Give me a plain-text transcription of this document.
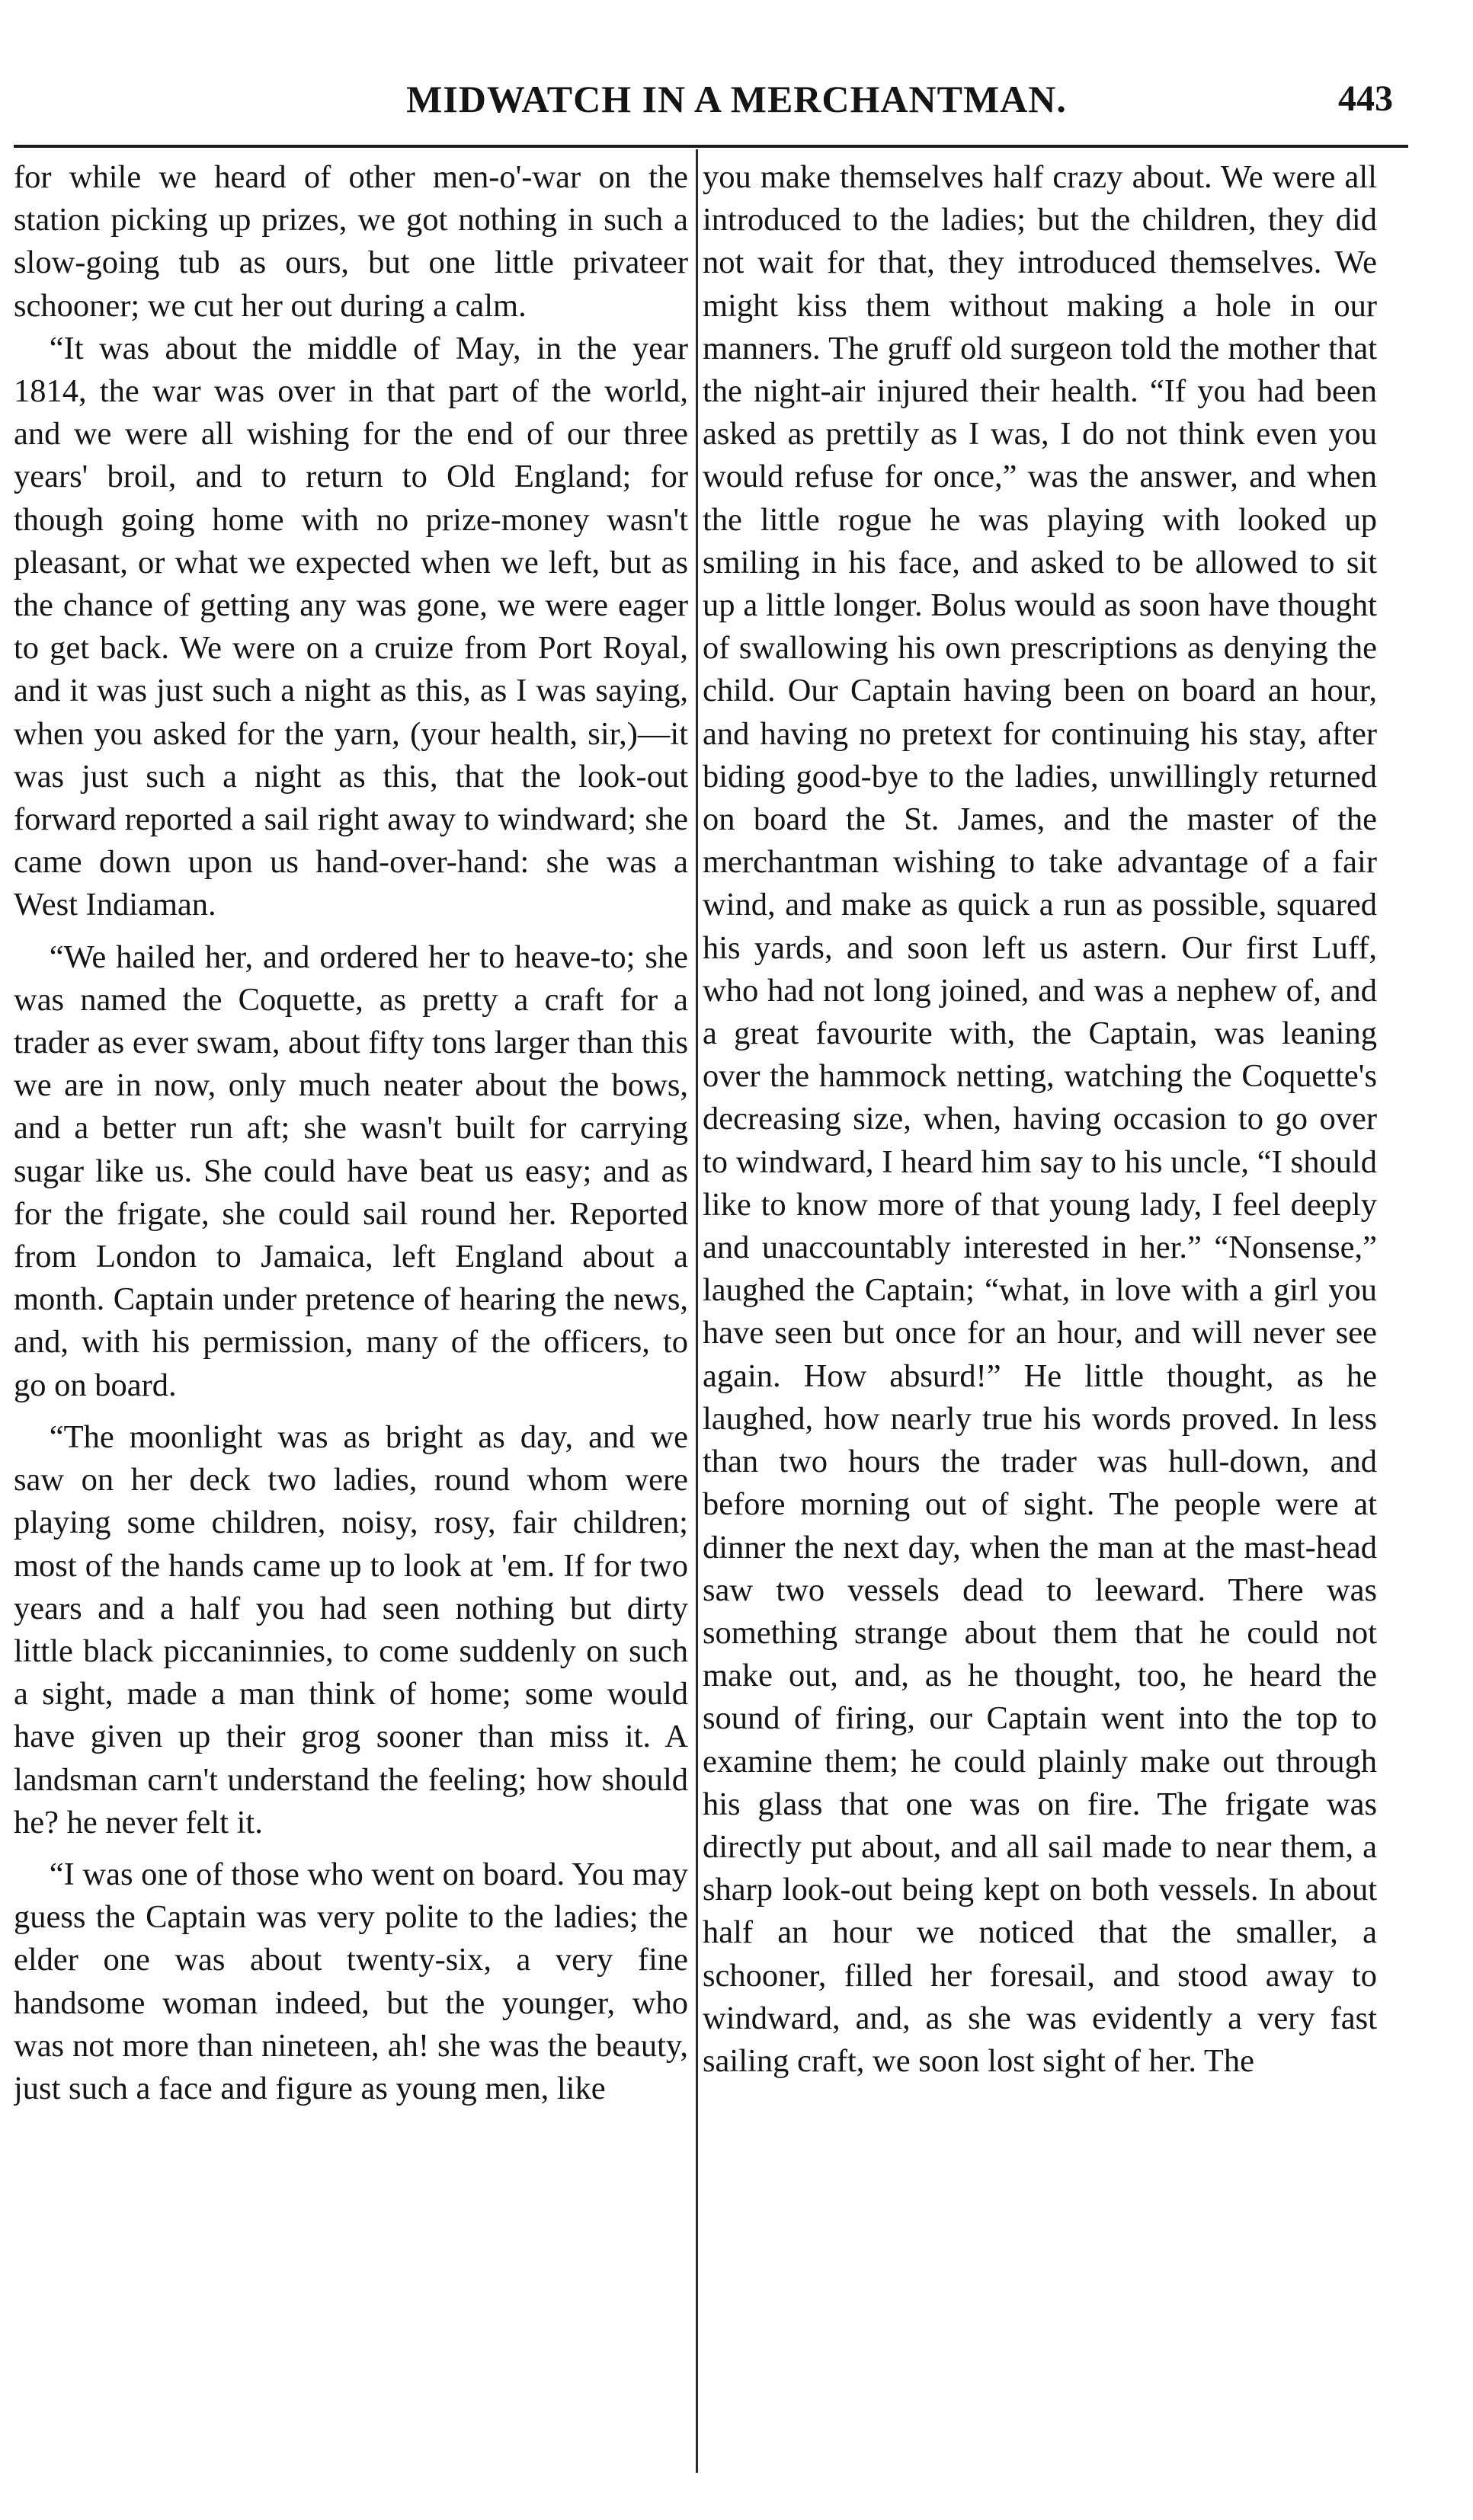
MIDWATCH IN A MERCHANTMAN.	443

for while we heard of other men-o'-war on the station picking up prizes, we got nothing in such a slow-going tub as ours, but one little privateer schooner; we cut her out during a calm.

“It was about the middle of May, in the year 1814, the war was over in that part of the world, and we were all wishing for the end of our three years' broil, and to return to Old England; for though going home with no prize-money wasn't pleasant, or what we expected when we left, but as the chance of getting any was gone, we were eager to get back. We were on a cruize from Port Royal, and it was just such a night as this, as I was saying, when you asked for the yarn, (your health, sir,)—it was just such a night as this, that the look-out forward reported a sail right away to windward; she came down upon us hand-over-hand: she was a West Indiaman.

“We hailed her, and ordered her to heave-to; she was named the Coquette, as pretty a craft for a trader as ever swam, about fifty tons larger than this we are in now, only much neater about the bows, and a better run aft; she wasn't built for carrying sugar like us. She could have beat us easy; and as for the frigate, she could sail round her. Reported from London to Jamaica, left England about a month. Captain under pretence of hearing the news, and, with his permission, many of the officers, to go on board.

“The moonlight was as bright as day, and we saw on her deck two ladies, round whom were playing some children, noisy, rosy, fair children; most of the hands came up to look at 'em. If for two years and a half you had seen nothing but dirty little black piccaninnies, to come suddenly on such a sight, made a man think of home; some would have given up their grog sooner than miss it. A landsman carn't understand the feeling; how should he? he never felt it.

“I was one of those who went on board. You may guess the Captain was very polite to the ladies; the elder one was about twenty-six, a very fine handsome woman indeed, but the younger, who was not more than nineteen, ah! she was the beauty, just such a face and figure as young men, like

you make themselves half crazy about. We were all introduced to the ladies; but the children, they did not wait for that, they introduced themselves. We might kiss them without making a hole in our manners. The gruff old surgeon told the mother that the night-air injured their health. “If you had been asked as prettily as I was, I do not think even you would refuse for once,” was the answer, and when the little rogue he was playing with looked up smiling in his face, and asked to be allowed to sit up a little longer. Bolus would as soon have thought of swallowing his own prescriptions as denying the child. Our Captain having been on board an hour, and having no pretext for continuing his stay, after biding good-bye to the ladies, unwillingly returned on board the St. James, and the master of the merchantman wishing to take advantage of a fair wind, and make as quick a run as possible, squared his yards, and soon left us astern. Our first Luff, who had not long joined, and was a nephew of, and a great favourite with, the Captain, was leaning over the hammock netting, watching the Coquette's decreasing size, when, having occasion to go over to windward, I heard him say to his uncle, “I should like to know more of that young lady, I feel deeply and unaccountably interested in her.” “Nonsense,” laughed the Captain; “what, in love with a girl you have seen but once for an hour, and will never see again. How absurd!” He little thought, as he laughed, how nearly true his words proved. In less than two hours the trader was hull-down, and before morning out of sight. The people were at dinner the next day, when the man at the mast-head saw two vessels dead to leeward. There was something strange about them that he could not make out, and, as he thought, too, he heard the sound of firing, our Captain went into the top to examine them; he could plainly make out through his glass that one was on fire. The frigate was directly put about, and all sail made to near them, a sharp look-out being kept on both vessels. In about half an hour we noticed that the smaller, a schooner, filled her foresail, and stood away to windward, and, as she was evidently a very fast sailing craft, we soon lost sight of her. The
